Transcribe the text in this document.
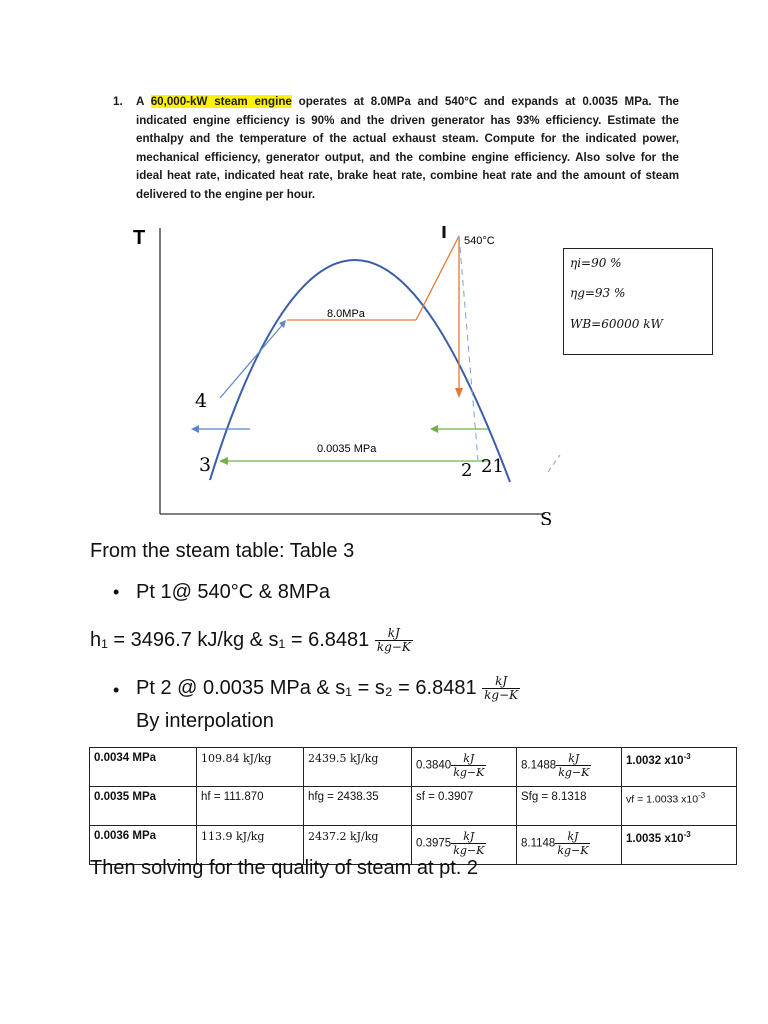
1. A 60,000-kW steam engine operates at 8.0MPa and 540°C and expands at 0.0035 MPa. The indicated engine efficiency is 90% and the driven generator has 93% efficiency. Estimate the enthalpy and the temperature of the actual exhaust steam. Compute for the indicated power, mechanical efficiency, generator output, and the combine engine efficiency. Also solve for the ideal heat rate, indicated heat rate, brake heat rate, combine heat rate and the amount of steam delivered to the engine per hour.
T
S
8.0MPa
540°C
4
0.0035 MPa
3	2 21
ηi=90 %
ηg=93 %
WB=60000 kW
From the steam table: Table 3
• Pt 1@ 540°C & 8MPa
h₁ = 3496.7 kJ/kg & $s_1 = 6.8481 \frac{kJ}{kg-K}$
• Pt 2 @ 0.0035 MPa & $s_1 = s_2 = 6.8481 \frac{kJ}{kg-K}$
By interpolation
0.0034 MPa	109.84 kJ/kg	2439.5 kJ/kg	$0.3840 \frac{kJ}{kg-K}$	$8.1488 \frac{kJ}{kg-K}$	1.0032 $x10^{-3}$
0.0035 MPa	hf = 111.870	hfg = 2438.35	sf = 0.3907	Sfg = 8.1318	vf = 1.0033 $x10^{-3}$
0.0036 MPa	113.9 kJ/kg	2437.2 kJ/kg	$0.3975 \frac{kJ}{kg-K}$	$8.1148 \frac{kJ}{kg-K}$	1.0035 $x10^{-3}$
Then solving for the quality of steam at pt. 2
